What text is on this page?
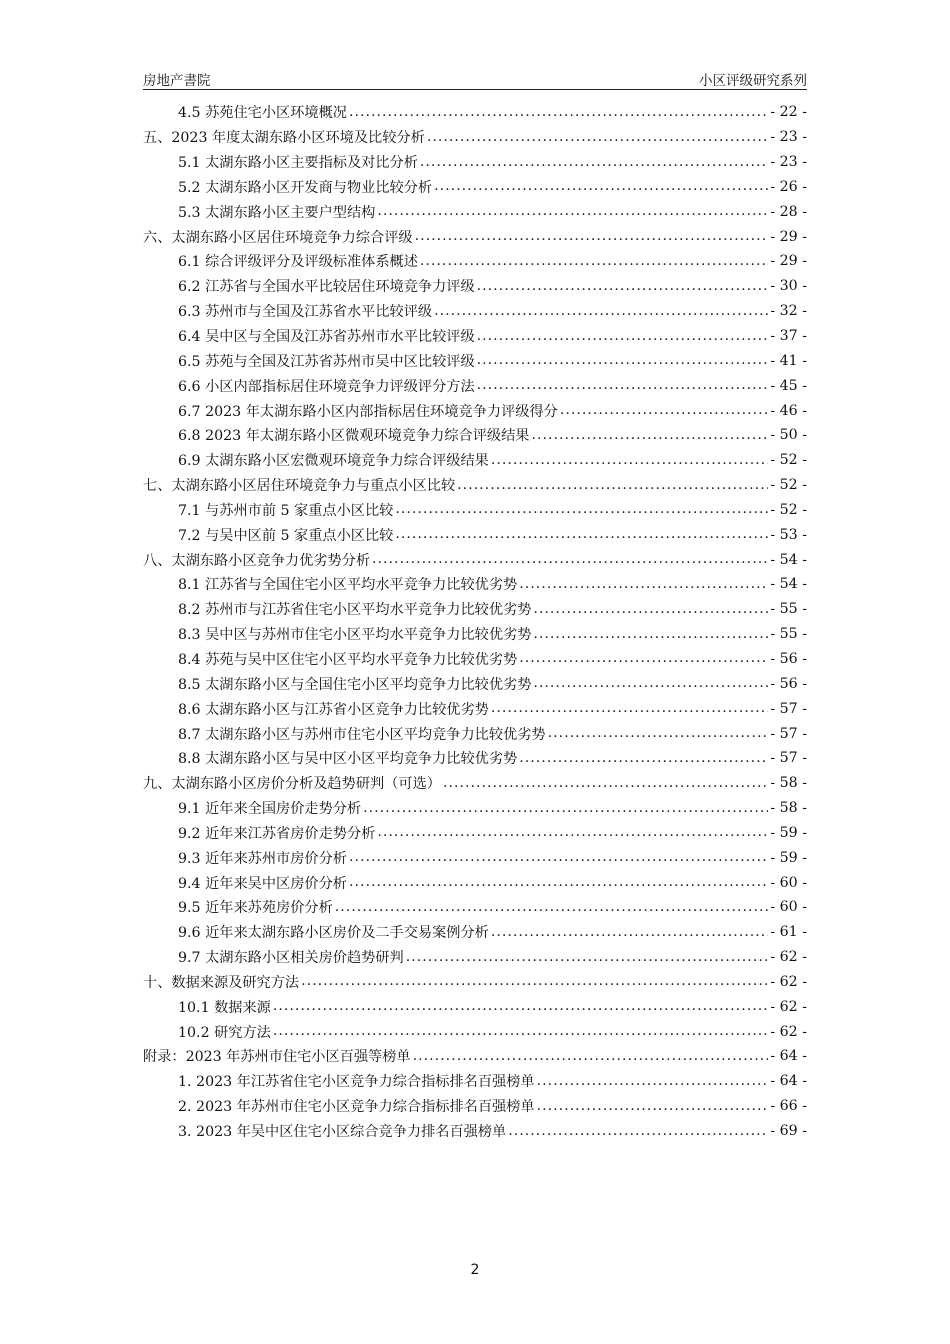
房地产書院	小区评级研究系列
4.5 苏苑住宅小区环境概况 .....	- 22 -
五、2023 年度太湖东路小区环境及比较分析 .....	- 23 -
5.1 太湖东路小区主要指标及对比分析 .....	- 23 -
5.2 太湖东路小区开发商与物业比较分析 .....	- 26 -
5.3 太湖东路小区主要户型结构 .....	- 28 -
六、太湖东路小区居住环境竞争力综合评级 .....	- 29 -
6.1 综合评级评分及评级标准体系概述 .....	- 29 -
6.2 江苏省与全国水平比较居住环境竞争力评级 .....	- 30 -
6.3 苏州市与全国及江苏省水平比较评级 .....	- 32 -
6.4 吴中区与全国及江苏省苏州市水平比较评级 .....	- 37 -
6.5 苏苑与全国及江苏省苏州市吴中区比较评级 .....	- 41 -
6.6 小区内部指标居住环境竞争力评级评分方法 .....	- 45 -
6.7 2023 年太湖东路小区内部指标居住环境竞争力评级得分 .....	- 46 -
6.8 2023 年太湖东路小区微观环境竞争力综合评级结果 .....	- 50 -
6.9 太湖东路小区宏微观环境竞争力综合评级结果 .....	- 52 -
七、太湖东路小区居住环境竞争力与重点小区比较 .....	- 52 -
7.1 与苏州市前 5 家重点小区比较 .....	- 52 -
7.2 与吴中区前 5 家重点小区比较 .....	- 53 -
八、太湖东路小区竞争力优劣势分析 .....	- 54 -
8.1 江苏省与全国住宅小区平均水平竞争力比较优劣势 .....	- 54 -
8.2 苏州市与江苏省住宅小区平均水平竞争力比较优劣势 .....	- 55 -
8.3 吴中区与苏州市住宅小区平均水平竞争力比较优劣势 .....	- 55 -
8.4 苏苑与吴中区住宅小区平均水平竞争力比较优劣势 .....	- 56 -
8.5 太湖东路小区与全国住宅小区平均竞争力比较优劣势 .....	- 56 -
8.6 太湖东路小区与江苏省小区竞争力比较优劣势 .....	- 57 -
8.7 太湖东路小区与苏州市住宅小区平均竞争力比较优劣势 .....	- 57 -
8.8 太湖东路小区与吴中区小区平均竞争力比较优劣势 .....	- 57 -
九、太湖东路小区房价分析及趋势研判（可选） .....	- 58 -
9.1 近年来全国房价走势分析 .....	- 58 -
9.2 近年来江苏省房价走势分析 .....	- 59 -
9.3 近年来苏州市房价分析 .....	- 59 -
9.4 近年来吴中区房价分析 .....	- 60 -
9.5 近年来苏苑房价分析 .....	- 60 -
9.6 近年来太湖东路小区房价及二手交易案例分析 .....	- 61 -
9.7 太湖东路小区相关房价趋势研判 .....	- 62 -
十、数据来源及研究方法 .....	- 62 -
10.1 数据来源 .....	- 62 -
10.2 研究方法 .....	- 62 -
附录：2023 年苏州市住宅小区百强等榜单 .....	- 64 -
1. 2023 年江苏省住宅小区竞争力综合指标排名百强榜单 .....	- 64 -
2. 2023 年苏州市住宅小区竞争力综合指标排名百强榜单 .....	- 66 -
3. 2023 年吴中区住宅小区综合竞争力排名百强榜单 .....	- 69 -
2
